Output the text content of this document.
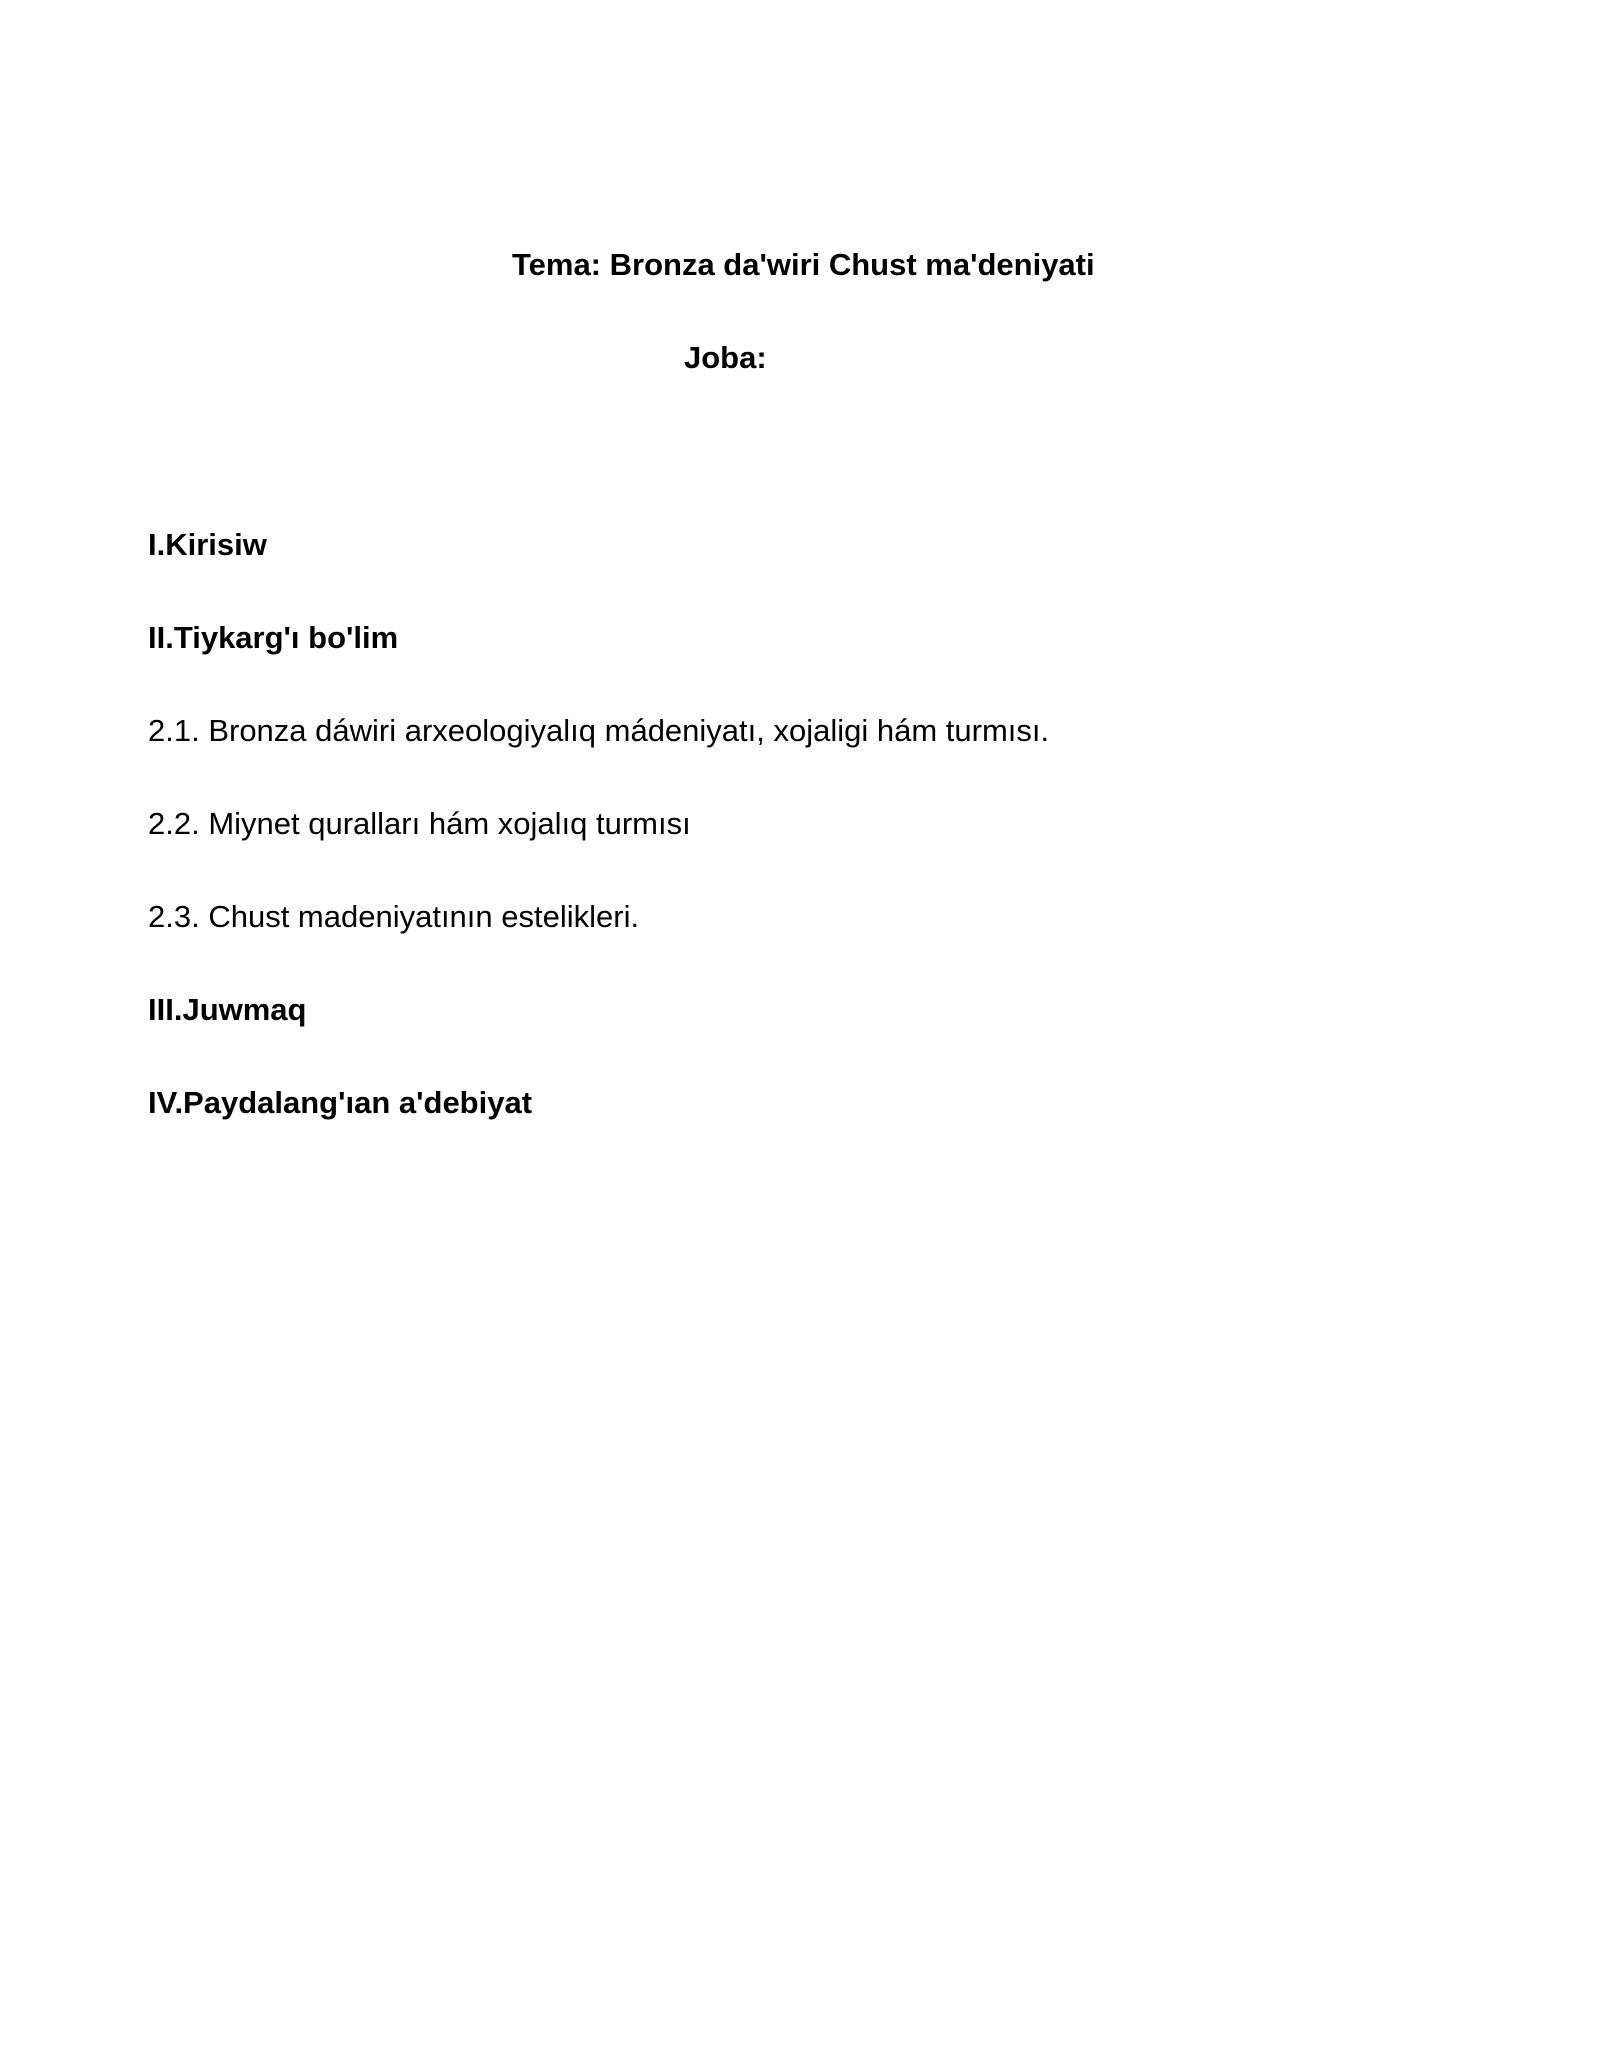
Tema: Bronza da'wiri Chust ma'deniyati

Joba:

I.Kirisiw

II.Tiykarg'ı bo'lim

2.1. Bronza dáwiri arxeologiyalıq mádeniyatı, xojaligi hám turmısı.

2.2. Miynet quralları hám xojalıq turmısı

2.3. Chust madeniyatının estelikleri.

III.Juwmaq

IV.Paydalang'ıan a'debiyat
